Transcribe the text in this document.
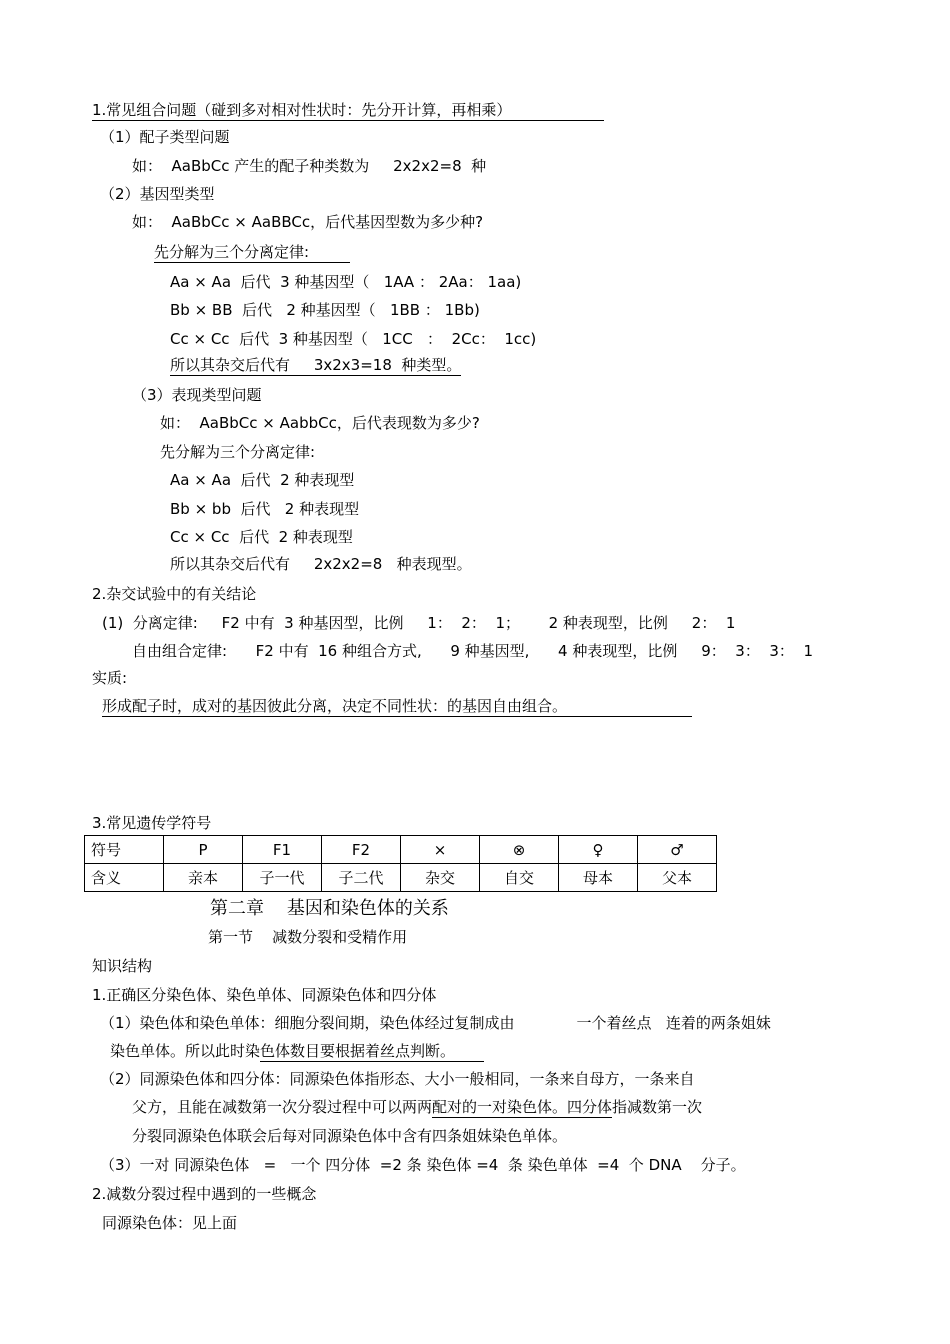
1.常见组合问题（碰到多对相对性状时：先分开计算，再相乘）
（1）配子类型问题
如：  AaBbCc 产生的配子种类数为     2x2x2=8  种
（2）基因型类型
如：  AaBbCc × AaBBCc，后代基因型数为多少种?
先分解为三个分离定律:
Aa × Aa  后代  3 种基因型（   1AA ： 2Aa： 1aa)
Bb × BB  后代   2 种基因型（   1BB ： 1Bb)
Cc × Cc  后代  3 种基因型（   1CC   ：  2Cc：  1cc)
所以其杂交后代有     3x2x3=18  种类型。
（3）表现类型问题
如：  AaBbCc × AabbCc，后代表现数为多少?
先分解为三个分离定律:
Aa × Aa  后代  2 种表现型
Bb × bb  后代   2 种表现型
Cc × Cc  后代  2 种表现型
所以其杂交后代有     2x2x2=8   种表现型。
2.杂交试验中的有关结论
(1)  分离定律:     F2 中有  3 种基因型，比例     1：  2：  1；      2 种表现型，比例     2：  1
自由组合定律:      F2 中有  16 种组合方式,      9 种基因型,      4 种表现型，比例     9：  3：  3：  1
实质:
形成配子时，成对的基因彼此分离，决定不同性状：的基因自由组合。
3.常见遗传学符号
符号	P	F1	F2	×	⊗	♀	♂
含义	亲本	子一代	子二代	杂交	自交	母本	父本
第二章    基因和染色体的关系
第一节    减数分裂和受精作用
知识结构
1.正确区分染色体、染色单体、同源染色体和四分体
（1）染色体和染色单体：细胞分裂间期，染色体经过复制成由             一个着丝点   连着的两条姐妹
染色单体。所以此时染色体数目要根据着丝点判断。
（2）同源染色体和四分体：同源染色体指形态、大小一般相同，一条来自母方，一条来自
父方，且能在减数第一次分裂过程中可以两两配对的一对染色体。四分体指减数第一次
分裂同源染色体联会后每对同源染色体中含有四条姐妹染色单体。
（3）一对 同源染色体   =   一个 四分体  =2 条 染色体 =4  条 染色单体  =4  个 DNA    分子。
2.减数分裂过程中遇到的一些概念
同源染色体：见上面
